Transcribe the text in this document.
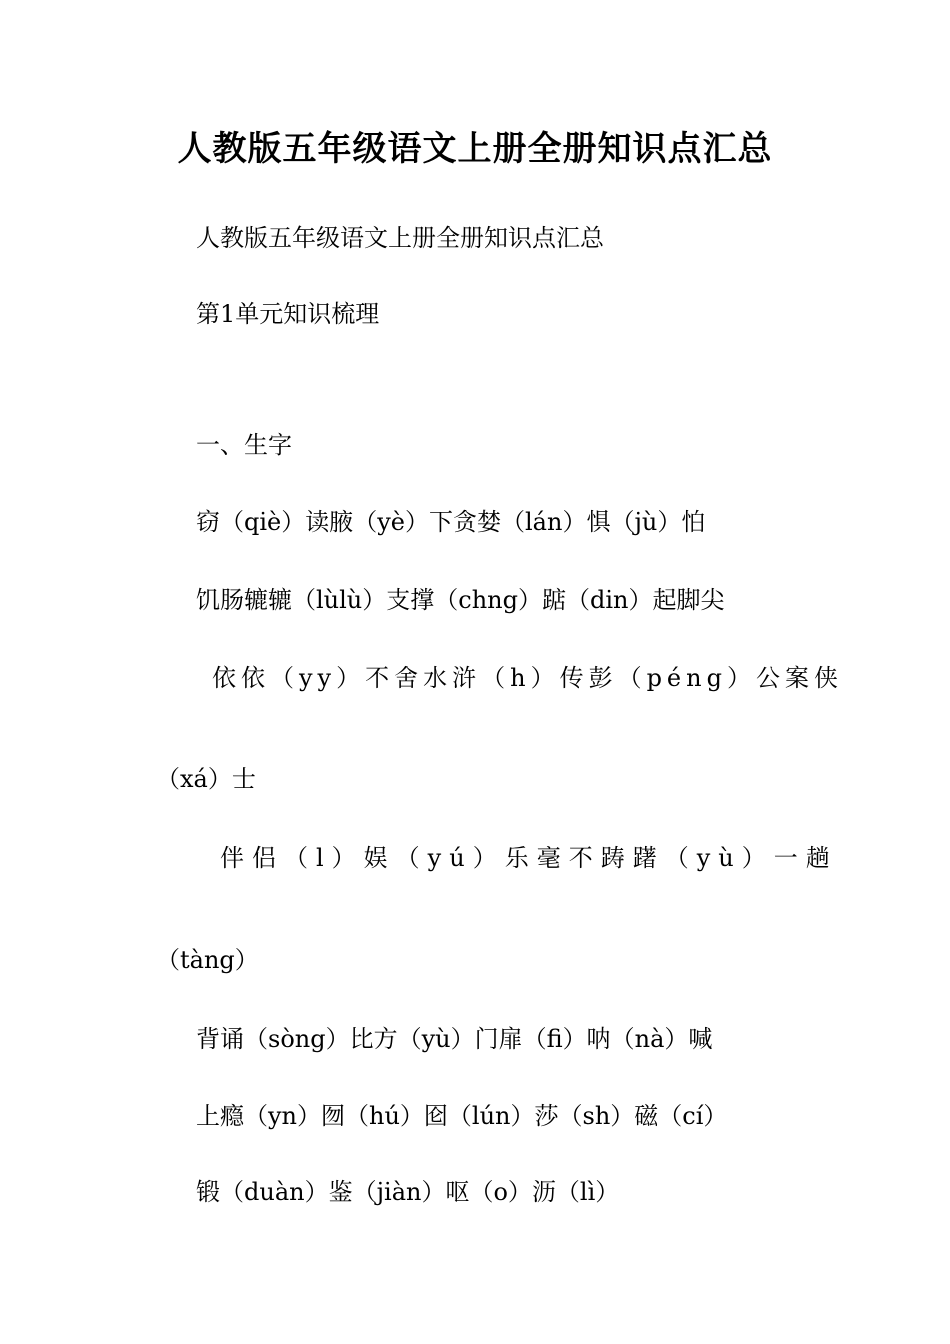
人教版五年级语文上册全册知识点汇总
人教版五年级语文上册全册知识点汇总
第1单元知识梳理
一、生字
窃（qiè）读腋（yè）下贪婪（lán）惧（jù）怕
饥肠辘辘（lùlù）支撑（chng）踮（din）起脚尖
依依（yy）不舍水浒（h）传彭（péng）公案侠
（xá）士
伴侣（l）娱（yú）乐毫不踌躇（yù）一趟
（tàng）
背诵（sòng）比方（yù）门扉（fi）呐（nà）喊
上瘾（yn）囫（hú）囵（lún）莎（sh）磁（cí）
锻（duàn）鉴（jiàn）呕（o）沥（lì）
